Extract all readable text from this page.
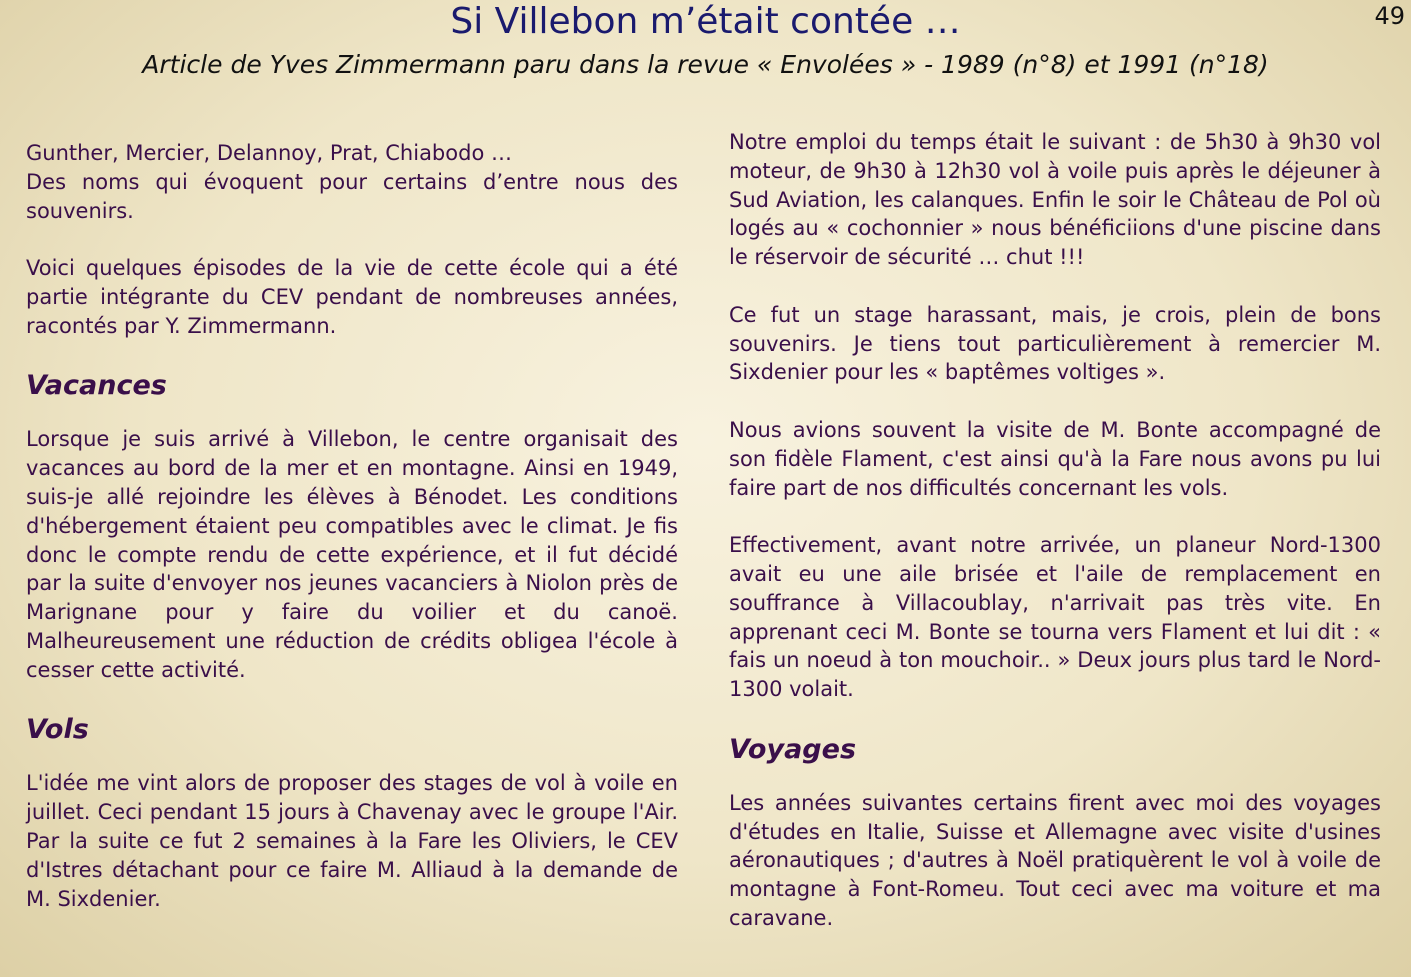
49
Si Villebon m’était contée …
Article de Yves Zimmermann paru dans la revue « Envolées » - 1989 (n°8) et 1991 (n°18)

Gunther, Mercier, Delannoy, Prat, Chiabodo …
Des noms qui évoquent pour certains d’entre nous des souvenirs.

Voici quelques épisodes de la vie de cette école qui a été partie intégrante du CEV pendant de nombreuses années, racontés par Y. Zimmermann.

Vacances

Lorsque je suis arrivé à Villebon, le centre organisait des vacances au bord de la mer et en montagne. Ainsi en 1949, suis-je allé rejoindre les élèves à Bénodet. Les conditions d'hébergement étaient peu compatibles avec le climat. Je fis donc le compte rendu de cette expérience, et il fut décidé par la suite d'envoyer nos jeunes vacanciers à Niolon près de Marignane pour y faire du voilier et du canoë. Malheureusement une réduction de crédits obligea l'école à cesser cette activité.

Vols

L'idée me vint alors de proposer des stages de vol à voile en juillet. Ceci pendant 15 jours à Chavenay avec le groupe l'Air. Par la suite ce fut 2 semaines à la Fare les Oliviers, le CEV d'Istres détachant pour ce faire M. Alliaud à la demande de M. Sixdenier.

Notre emploi du temps était le suivant : de 5h30 à 9h30 vol moteur, de 9h30 à 12h30 vol à voile puis après le déjeuner à Sud Aviation, les calanques. Enfin le soir le Château de Pol où logés au « cochonnier » nous bénéficiions d'une piscine dans le réservoir de sécurité … chut !!!

Ce fut un stage harassant, mais, je crois, plein de bons souvenirs. Je tiens tout particulièrement à remercier M. Sixdenier pour les « baptêmes voltiges ».

Nous avions souvent la visite de M. Bonte accompagné de son fidèle Flament, c'est ainsi qu'à la Fare nous avons pu lui faire part de nos difficultés concernant les vols.

Effectivement, avant notre arrivée, un planeur Nord-1300 avait eu une aile brisée et l'aile de remplacement en souffrance à Villacoublay, n'arrivait pas très vite. En apprenant ceci M. Bonte se tourna vers Flament et lui dit : « fais un noeud à ton mouchoir.. » Deux jours plus tard le Nord- 1300 volait.

Voyages

Les années suivantes certains firent avec moi des voyages d'études en Italie, Suisse et Allemagne avec visite d'usines aéronautiques ; d'autres à Noël pratiquèrent le vol à voile de montagne à Font-Romeu. Tout ceci avec ma voiture et ma caravane.
